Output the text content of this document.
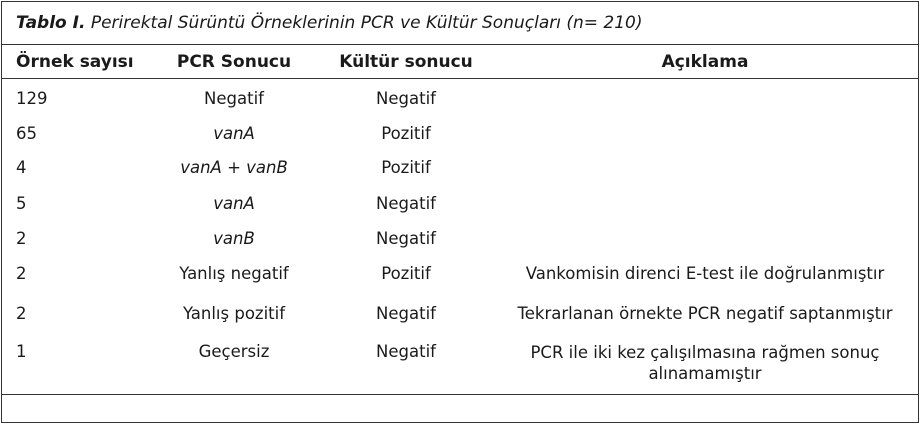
Tablo I. Perirektal Sürüntü Örneklerinin PCR ve Kültür Sonuçları (n= 210)
Örnek sayısı	PCR Sonucu	Kültür sonucu	Açıklama
129	Negatif	Negatif
65	vanA	Pozitif
4	vanA + vanB	Pozitif
5	vanA	Negatif
2	vanB	Negatif
2	Yanlış negatif	Pozitif	Vankomisin direnci E-test ile doğrulanmıştır
2	Yanlış pozitif	Negatif	Tekrarlanan örnekte PCR negatif saptanmıştır
1	Geçersiz	Negatif	PCR ile iki kez çalışılmasına rağmen sonuç alınamamıştır
